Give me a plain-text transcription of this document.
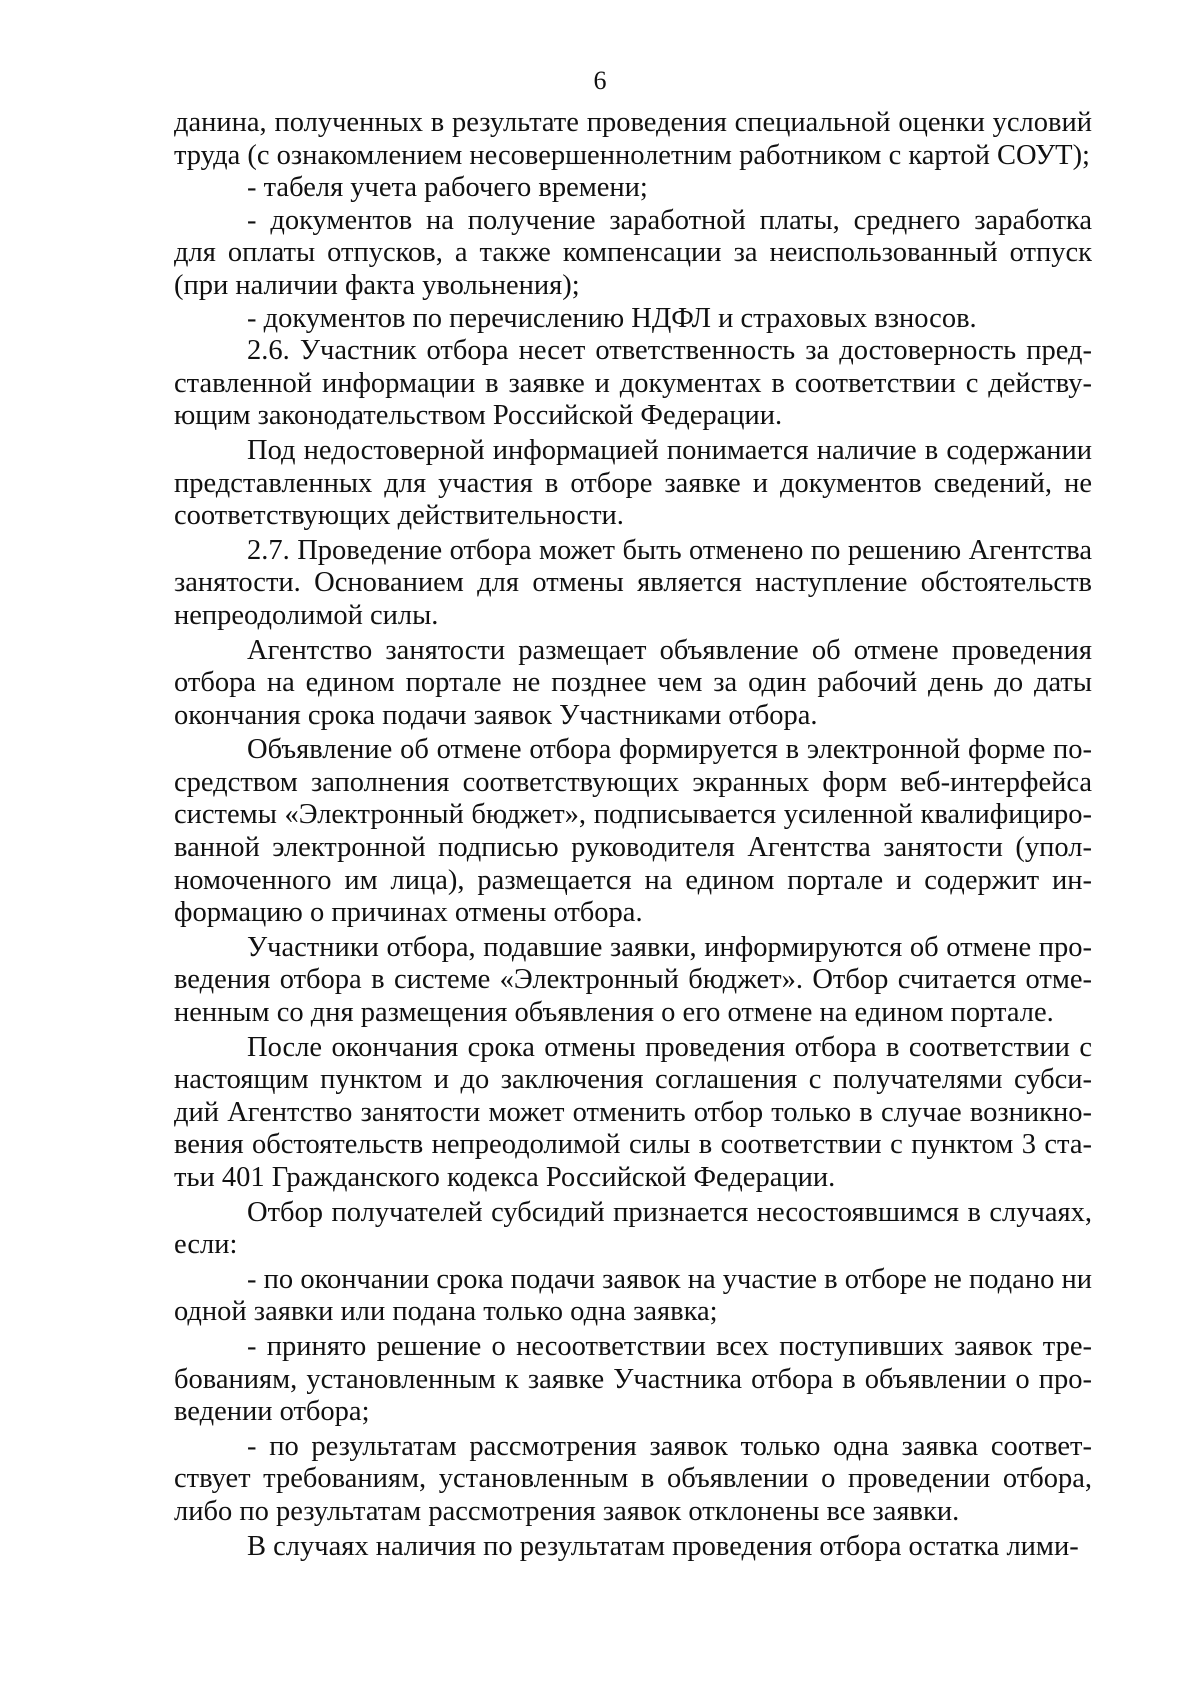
6

данина, полученных в результате проведения специальной оценки условий труда (с ознакомлением несовершеннолетним работником с картой СОУТ);

- табеля учета рабочего времени;

- документов на получение заработной платы, среднего заработка для оплаты отпусков, а также компенсации за неиспользованный отпуск (при наличии факта увольнения);

- документов по перечислению НДФЛ и страховых взносов.

2.6. Участник отбора несет ответственность за достоверность пред-ставленной информации в заявке и документах в соответствии с действу-ющим законодательством Российской Федерации.

Под недостоверной информацией понимается наличие в содержании представленных для участия в отборе заявке и документов сведений, не соответствующих действительности.

2.7. Проведение отбора может быть отменено по решению Агентства занятости. Основанием для отмены является наступление обстоятельств непреодолимой силы.

Агентство занятости размещает объявление об отмене проведения отбора на едином портале не позднее чем за один рабочий день до даты окончания срока подачи заявок Участниками отбора.

Объявление об отмене отбора формируется в электронной форме по-средством заполнения соответствующих экранных форм веб-интерфейса системы «Электронный бюджет», подписывается усиленной квалифициро-ванной электронной подписью руководителя Агентства занятости (упол-номоченного им лица), размещается на едином портале и содержит ин-формацию о причинах отмены отбора.

Участники отбора, подавшие заявки, информируются об отмене про-ведения отбора в системе «Электронный бюджет». Отбор считается отме-ненным со дня размещения объявления о его отмене на едином портале.

После окончания срока отмены проведения отбора в соответствии с настоящим пунктом и до заключения соглашения с получателями субси-дий Агентство занятости может отменить отбор только в случае возникно-вения обстоятельств непреодолимой силы в соответствии с пунктом 3 ста-тьи 401 Гражданского кодекса Российской Федерации.

Отбор получателей субсидий признается несостоявшимся в случаях, если:

- по окончании срока подачи заявок на участие в отборе не подано ни одной заявки или подана только одна заявка;

- принято решение о несоответствии всех поступивших заявок тре-бованиям, установленным к заявке Участника отбора в объявлении о про-ведении отбора;

- по результатам рассмотрения заявок только одна заявка соответ-ствует требованиям, установленным в объявлении о проведении отбора, либо по результатам рассмотрения заявок отклонены все заявки.

В случаях наличия по результатам проведения отбора остатка лими-
